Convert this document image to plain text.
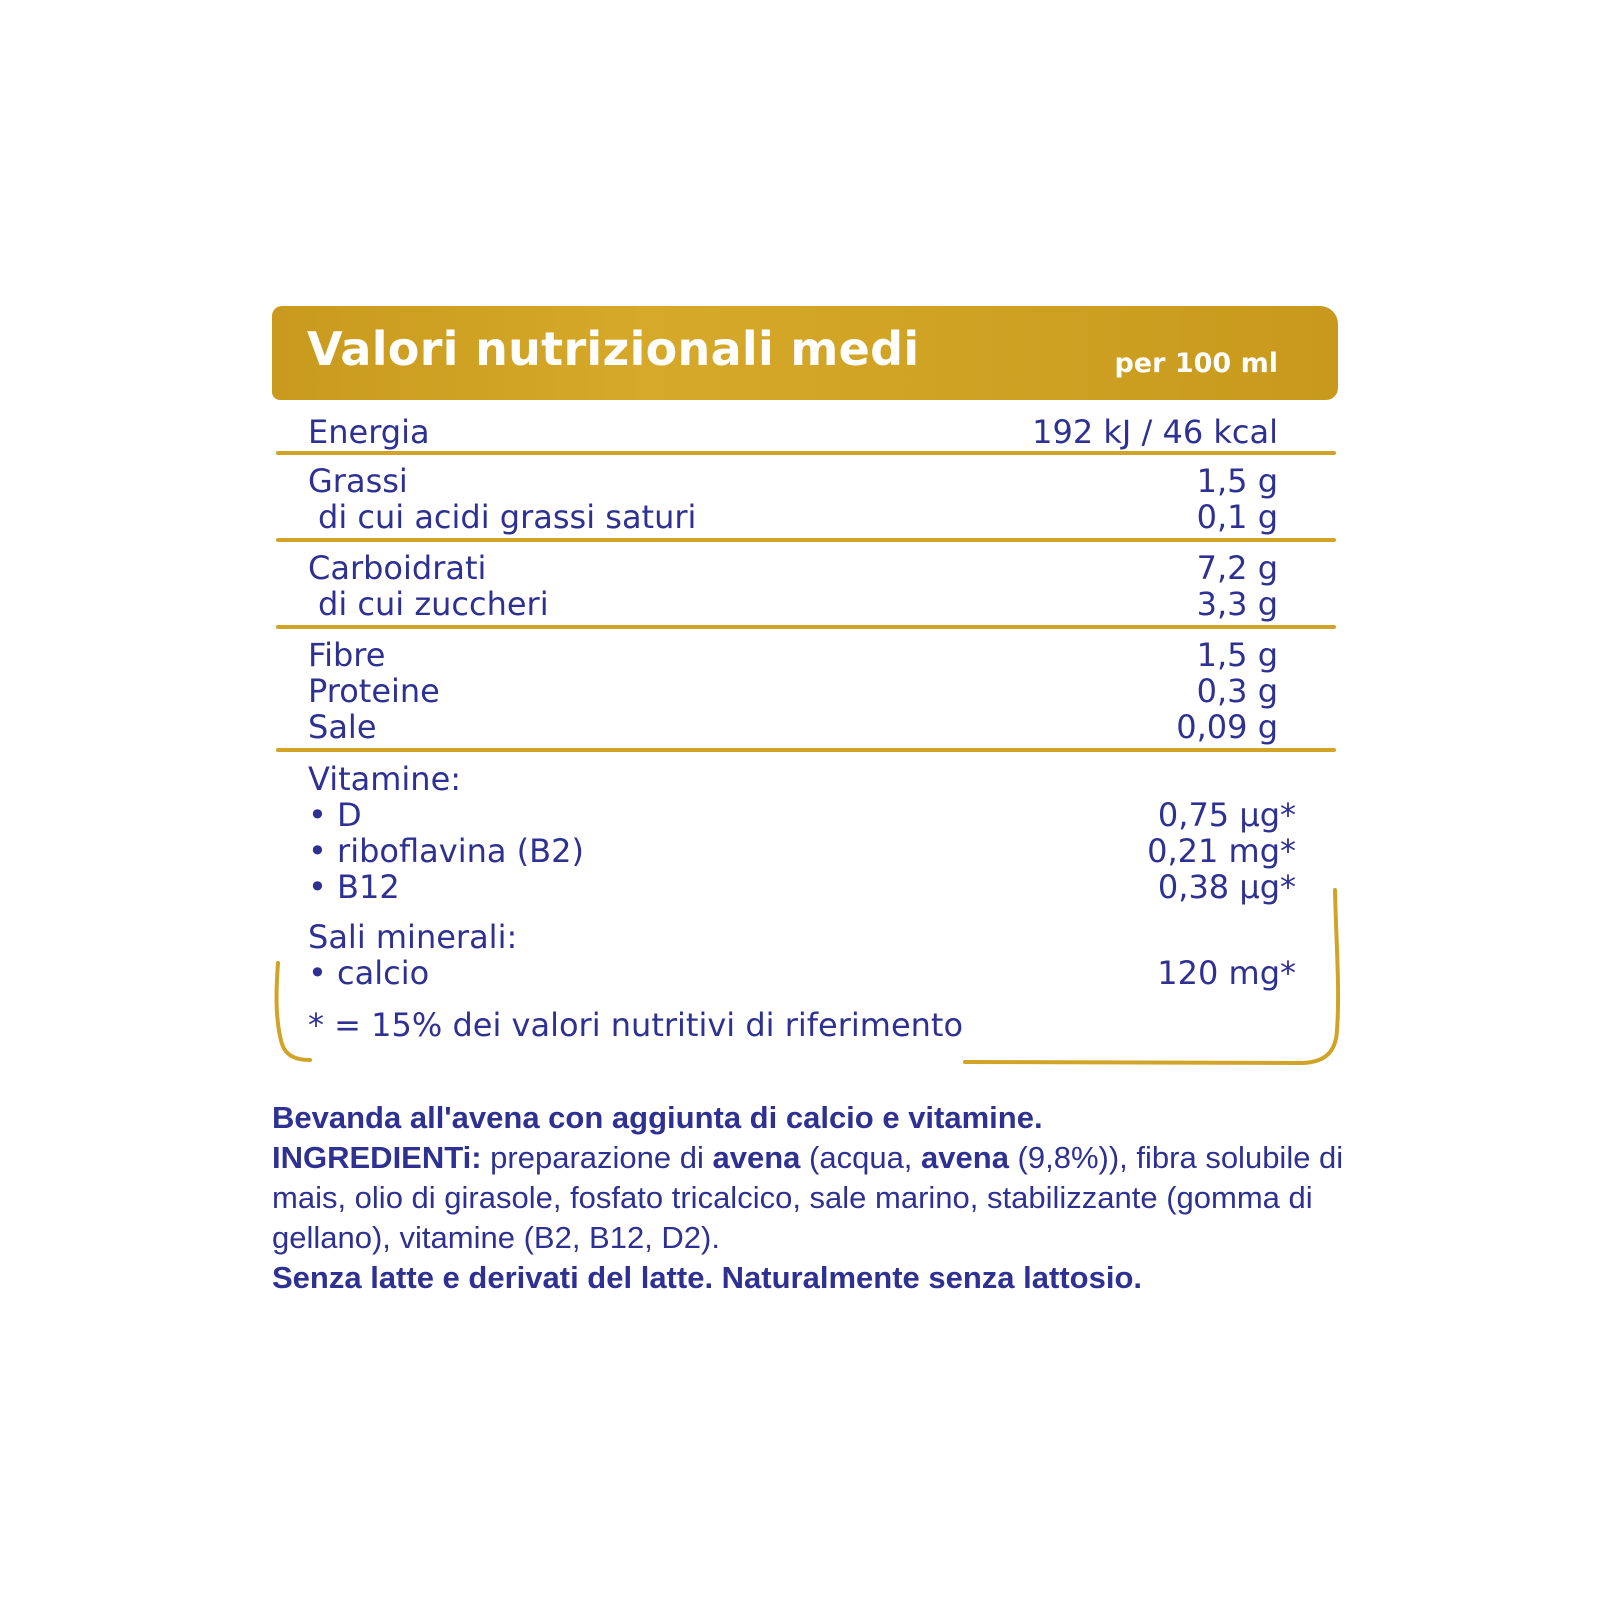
Valori nutrizionali medi	per 100 ml
Energia	192 kJ / 46 kcal
Grassi	1,5 g
di cui acidi grassi saturi	0,1 g
Carboidrati	7,2 g
di cui zuccheri	3,3 g
Fibre	1,5 g
Proteine	0,3 g
Sale	0,09 g
Vitamine:
• D	0,75 µg*
• riboflavina (B2)	0,21 mg*
• B12	0,38 µg*
Sali minerali:
• calcio	120 mg*
* = 15% dei valori nutritivi di riferimento

Bevanda all'avena con aggiunta di calcio e vitamine.

INGREDIENTi: preparazione di avena (acqua, avena (9,8%)), fibra solubile di mais, olio di girasole, fosfato tricalcico, sale marino, stabilizzante (gomma di gellano), vitamine (B2, B12, D2).

Senza latte e derivati del latte. Naturalmente senza lattosio.
